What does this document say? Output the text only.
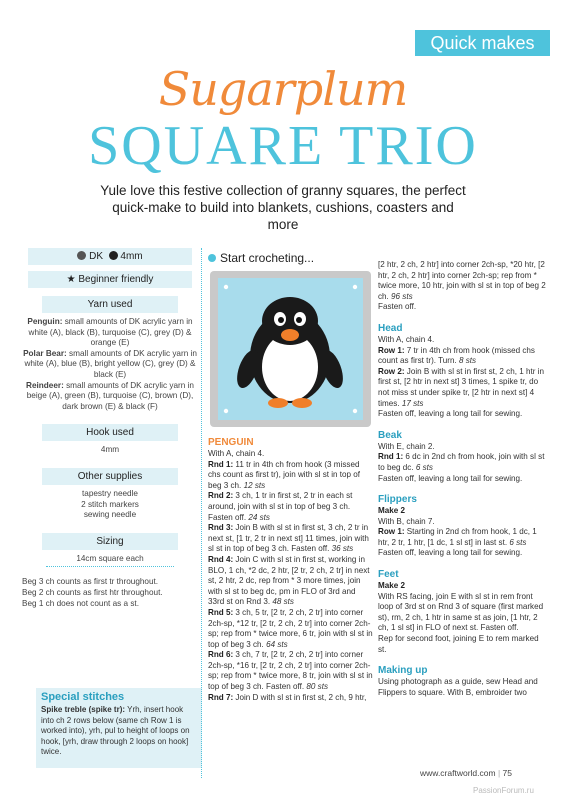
Quick makes
Sugarplum
SQUARE TRIO
Yule love this festive collection of granny squares, the perfect quick-make to build into blankets, cushions, coasters and more
DK 4mm
★ Beginner friendly
Yarn used
Penguin: small amounts of DK acrylic yarn in white (A), black (B), turquoise (C), grey (D) & orange (E)
Polar Bear: small amounts of DK acrylic yarn in white (A), blue (B), bright yellow (C), grey (D) & black (E)
Reindeer: small amounts of DK acrylic yarn in beige (A), green (B), turquoise (C), brown (D), dark brown (E) & black (F)
Hook used
4mm
Other supplies
tapestry needle
2 stitch markers
sewing needle
Sizing
14cm square each
Beg 3 ch counts as first tr throughout.
Beg 2 ch counts as first htr throughout.
Beg 1 ch does not count as a st.
Special stitches
Spike treble (spike tr): Yrh, insert hook into ch 2 rows below (same ch Row 1 is worked into), yrh, pul to height of loops on hook, [yrh, draw through 2 loops on hook] twice.
Start crocheting...
PENGUIN
With A, chain 4.
Rnd 1: 11 tr in 4th ch from hook (3 missed chs count as first tr), join with sl st in top of beg 3 ch. 12 sts
Rnd 2: 3 ch, 1 tr in first st, 2 tr in each st around, join with sl st in top of beg 3 ch. Fasten off. 24 sts
Rnd 3: Join B with sl st in first st, 3 ch, 2 tr in next st, [1 tr, 2 tr in next st] 11 times, join with sl st in top of beg 3 ch. Fasten off. 36 sts
Rnd 4: Join C with sl st in first st, working in BLO, 1 ch, *2 dc, 2 htr, [2 tr, 2 ch, 2 tr] in next st, 2 htr, 2 dc, rep from * 3 more times, join with sl st to beg dc, pm in FLO of 3rd and 33rd st on Rnd 3. 48 sts
Rnd 5: 3 ch, 5 tr, [2 tr, 2 ch, 2 tr] into corner 2ch-sp, *12 tr, [2 tr, 2 ch, 2 tr] into corner 2ch-sp; rep from * twice more, 6 tr, join with sl st in top of beg 3 ch. 64 sts
Rnd 6: 3 ch, 7 tr, [2 tr, 2 ch, 2 tr] into corner 2ch-sp, *16 tr, [2 tr, 2 ch, 2 tr] into corner 2ch-sp; rep from * twice more, 8 tr, join with sl st in top of beg 3 ch. Fasten off. 80 sts
Rnd 7: Join D with sl st in first st, 2 ch, 9 htr,
[2 htr, 2 ch, 2 htr] into corner 2ch-sp, *20 htr, [2 htr, 2 ch, 2 htr] into corner 2ch-sp; rep from * twice more, 10 htr, join with sl st in top of beg 2 ch. 96 sts
Fasten off.
Head
With A, chain 4.
Row 1: 7 tr in 4th ch from hook (missed chs count as first tr). Turn. 8 sts
Row 2: Join B with sl st in first st, 2 ch, 1 htr in first st, [2 htr in next st] 3 times, 1 spike tr, do not miss st under spike tr, [2 htr in next st] 4 times. 17 sts
Fasten off, leaving a long tail for sewing.
Beak
With E, chain 2.
Rnd 1: 6 dc in 2nd ch from hook, join with sl st to beg dc. 6 sts
Fasten off, leaving a long tail for sewing.
Flippers
Make 2
With B, chain 7.
Row 1: Starting in 2nd ch from hook, 1 dc, 1 htr, 2 tr, 1 htr, [1 dc, 1 sl st] in last st. 6 sts
Fasten off, leaving a long tail for sewing.
Feet
Make 2
With RS facing, join E with sl st in rem front loop of 3rd st on Rnd 3 of square (first marked st), rm, 2 ch, 1 htr in same st as join, [1 htr, 2 ch, 1 sl st] in FLO of next st. Fasten off.
Rep for second foot, joining E to rem marked st.
Making up
Using photograph as a guide, sew Head and Flippers to square. With B, embroider two
www.craftworld.com | 75
PassionForum.ru
